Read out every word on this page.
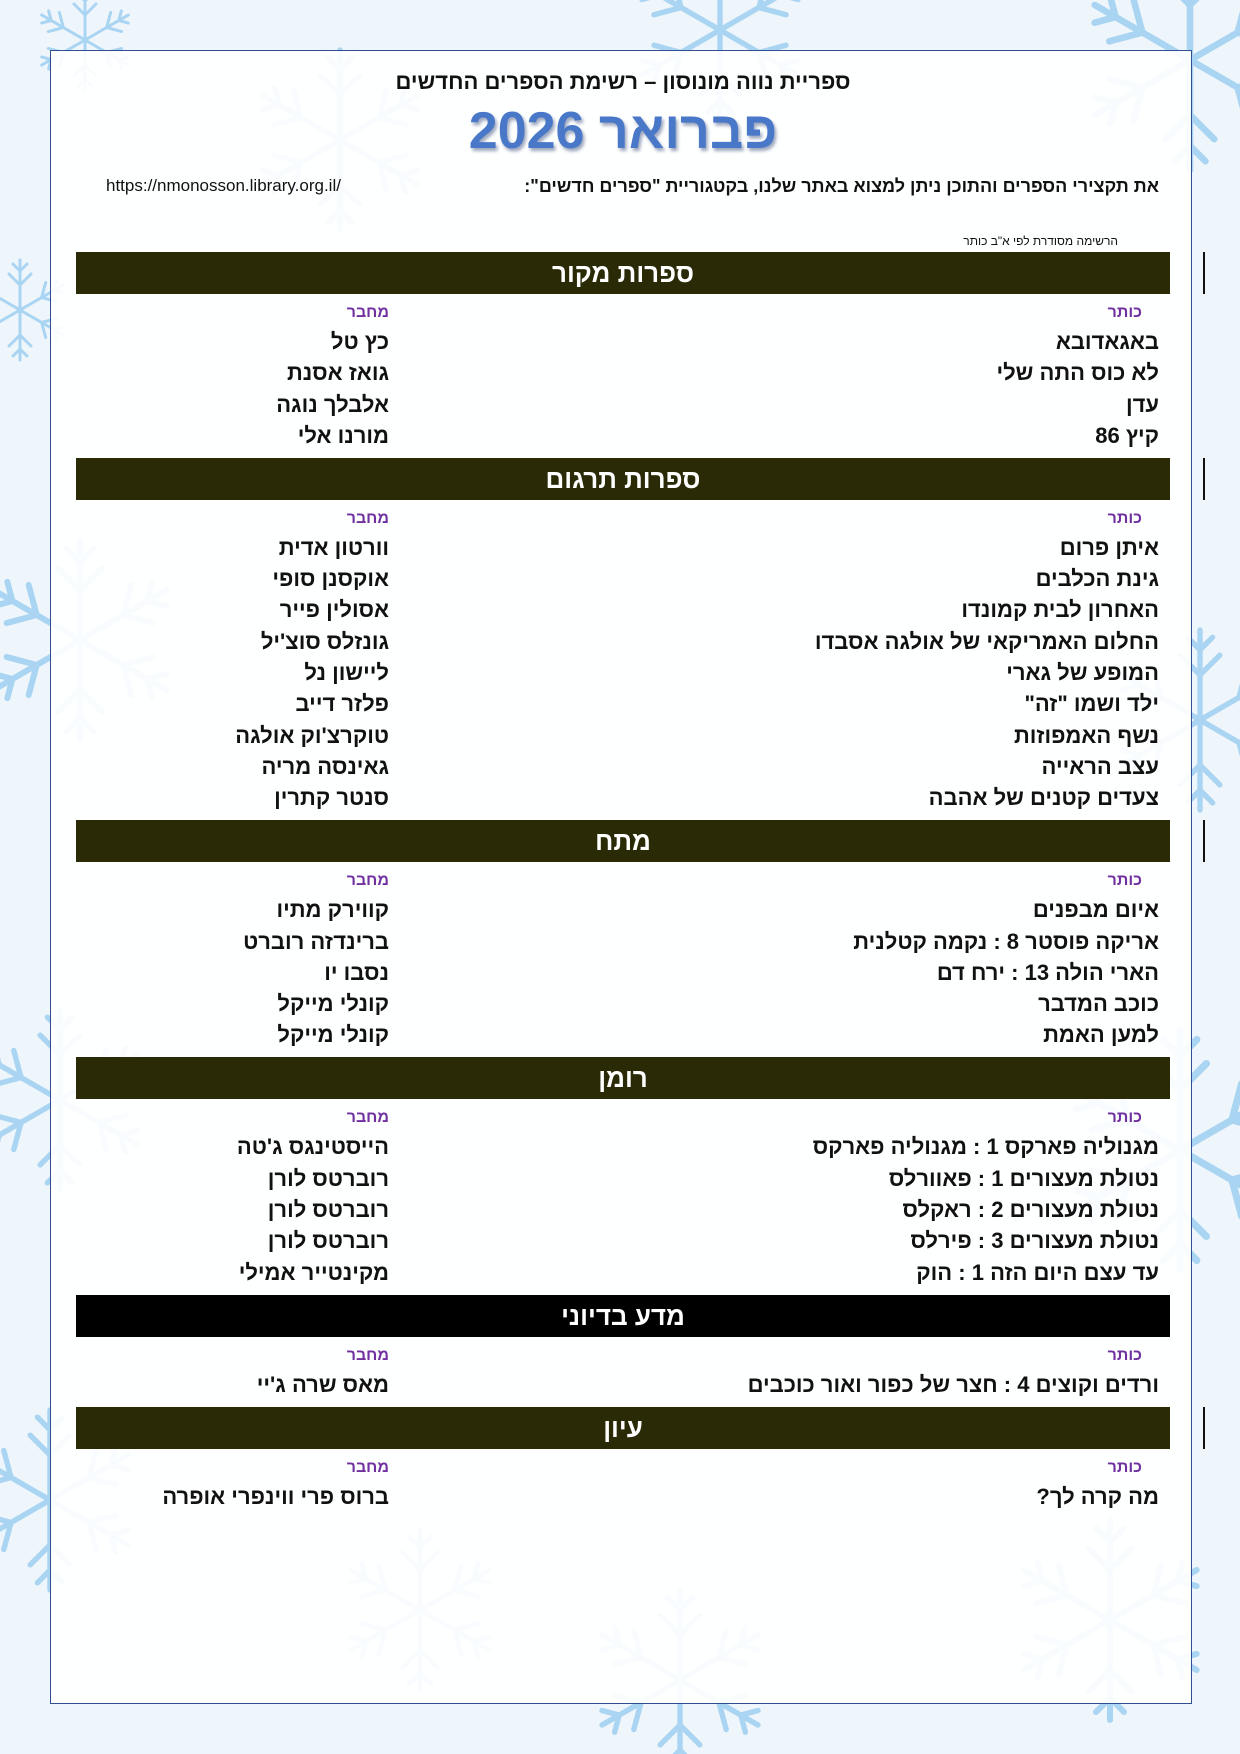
ספריית נווה מונוסון – רשימת הספרים החדשים
פברואר 2026
את תקצירי הספרים והתוכן ניתן למצוא באתר שלנו, בקטגוריית "ספרים חדשים":
https://nmonosson.library.org.il/
הרשימה מסודרת לפי א"ב כותר
ספרות מקור
כותר
מחבר
באגאדובא
כץ טל
לא כוס התה שלי
גואז אסנת
עדן
אלבלך נוגה
קיץ 86
מורנו אלי
ספרות תרגום
כותר
מחבר
איתן פרום
וורטון אדית
גינת הכלבים
אוקסנן סופי
האחרון לבית קמונדו
אסולין פייר
החלום האמריקאי של אולגה אסבדו
גונזלס סוצ'יל
המופע של גארי
ליישון נל
ילד ושמו "זה"
פלזר דייב
נשף האמפוזות
טוקרצ'וק אולגה
עצב הראייה
גאינסה מריה
צעדים קטנים של אהבה
סנטר קתרין
מתח
כותר
מחבר
איום מבפנים
קווירק מתיו
אריקה פוסטר 8 : נקמה קטלנית
ברינדזה רוברט
הארי הולה 13 : ירח דם
נסבו יו
כוכב המדבר
קונלי מייקל
למען האמת
קונלי מייקל
רומן
כותר
מחבר
מגנוליה פארקס 1 : מגנוליה פארקס
הייסטינגס ג'טה
נטולת מעצורים 1 : פאוורלס
רוברטס לורן
נטולת מעצורים 2 : ראקלס
רוברטס לורן
נטולת מעצורים 3 : פירלס
רוברטס לורן
עד עצם היום הזה 1 : הוק
מקינטייר אמילי
מדע בדיוני
כותר
מחבר
ורדים וקוצים 4 : חצר של כפור ואור כוכבים
מאס שרה ג'יי
עיון
כותר
מחבר
מה קרה לך?
ברוס פרי ווינפרי אופרה
